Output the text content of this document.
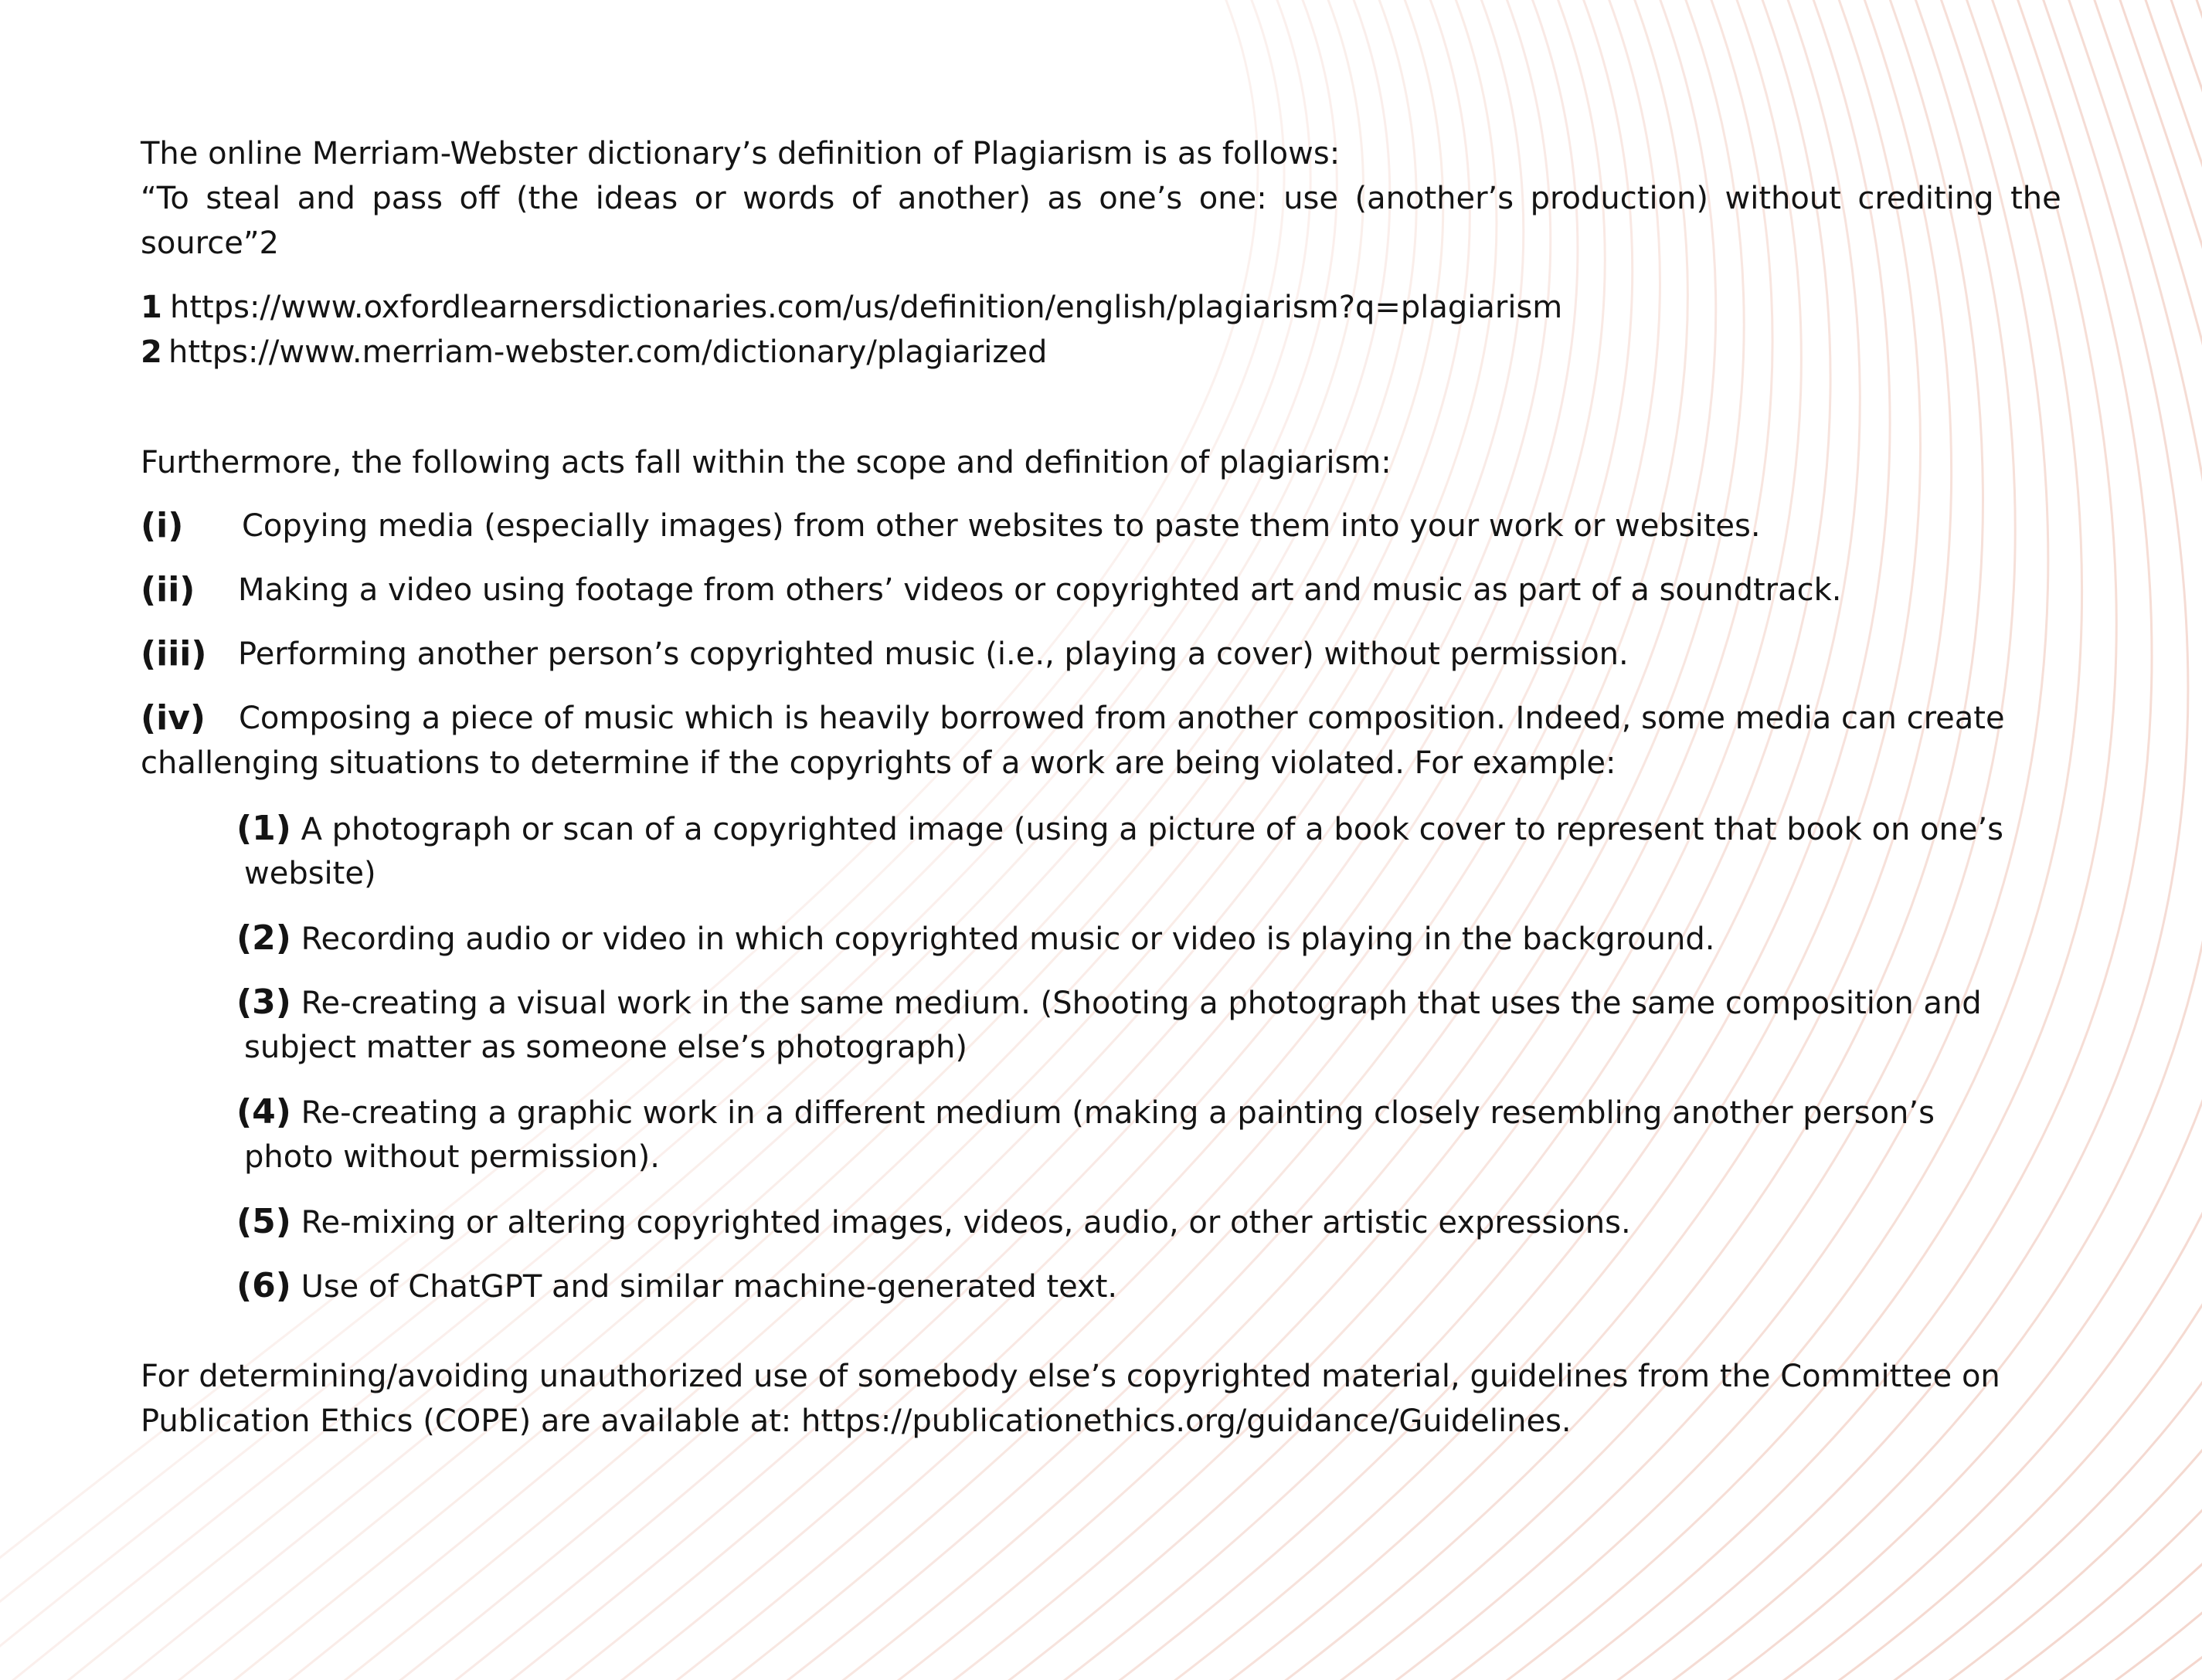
The online Merriam-Webster dictionary’s definition of Plagiarism is as follows:
“To steal and pass off (the ideas or words of another) as one’s one: use (another’s production) without crediting the
source”2
1 https://www.oxfordlearnersdictionaries.com/us/definition/english/plagiarism?q=plagiarism
2 https://www.merriam-webster.com/dictionary/plagiarized
Furthermore, the following acts fall within the scope and definition of plagiarism:
(i) Copying media (especially images) from other websites to paste them into your work or websites.
(ii) Making a video using footage from others’ videos or copyrighted art and music as part of a soundtrack.
(iii) Performing another person’s copyrighted music (i.e., playing a cover) without permission.
(iv) Composing a piece of music which is heavily borrowed from another composition. Indeed, some media can create
challenging situations to determine if the copyrights of a work are being violated. For example:
(1) A photograph or scan of a copyrighted image (using a picture of a book cover to represent that book on one’s
website)
(2) Recording audio or video in which copyrighted music or video is playing in the background.
(3) Re-creating a visual work in the same medium. (Shooting a photograph that uses the same composition and
subject matter as someone else’s photograph)
(4) Re-creating a graphic work in a different medium (making a painting closely resembling another person’s
photo without permission).
(5) Re-mixing or altering copyrighted images, videos, audio, or other artistic expressions.
(6) Use of ChatGPT and similar machine-generated text.
For determining/avoiding unauthorized use of somebody else’s copyrighted material, guidelines from the Committee on
Publication Ethics (COPE) are available at: https://publicationethics.org/guidance/Guidelines.
